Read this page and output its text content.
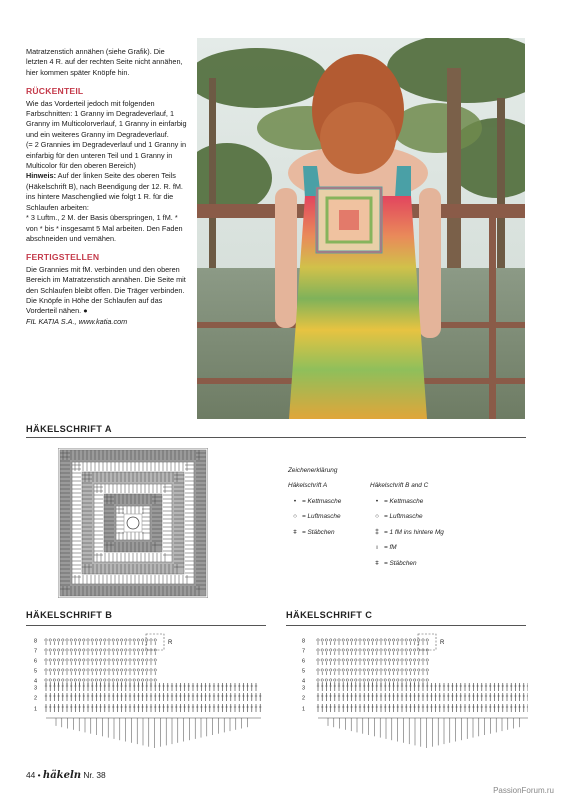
Matratzenstich annähen (siehe Grafik). Die letzten 4 R. auf der rechten Seite nicht annähen, hier kommen später Knöpfe hin.

RÜCKENTEIL

Wie das Vorderteil jedoch mit folgenden Farbschnitten: 1 Granny im Degradeverlauf, 1 Granny im Multicolorverlauf, 1 Granny in einfarbig und ein weiteres Granny im Degradeverlauf.

(= 2 Grannies im Degradeverlauf und 1 Granny in einfarbig für den unteren Teil und 1 Granny in Multicolor für den oberen Bereich)

Hinweis: Auf der linken Seite des oberen Teils (Häkelschrift B), nach Beendigung der 12. R. fM. ins hintere Maschenglied wie folgt 1 R. für die Schlaufen arbeiten:

* 3 Luftm., 2 M. der Basis überspringen, 1 fM. * von * bis * insgesamt 5 Mal arbeiten. Den Faden abschneiden und vernähen.

FERTIGSTELLEN

Die Grannies mit fM. verbinden und den oberen Bereich im Matratzenstich annähen. Die Seite mit den Schlaufen bleibt offen. Die Träger verbinden.

Die Knöpfe in Höhe der Schlaufen auf das Vorderteil nähen. ●

FIL KATIA S.A., www.katia.com

HÄKELSCHRIFT A
Zeichenerklärung
Häkelschrift A
• = Kettmasche
○ = Luftmasche
ǂ = Stäbchen
Häkelschrift B and C
• = Kettmasche
○ = Luftmasche
⁑ = 1 fM ins hintere Mg
ı = fM
ǂ = Stäbchen
HÄKELSCHRIFT B
8
7
6
5
4
3
2
1
R
HÄKELSCHRIFT C
8
7
6
5
4
3
2
1
R
44 • häkeln Nr. 38
PassionForum.ru
